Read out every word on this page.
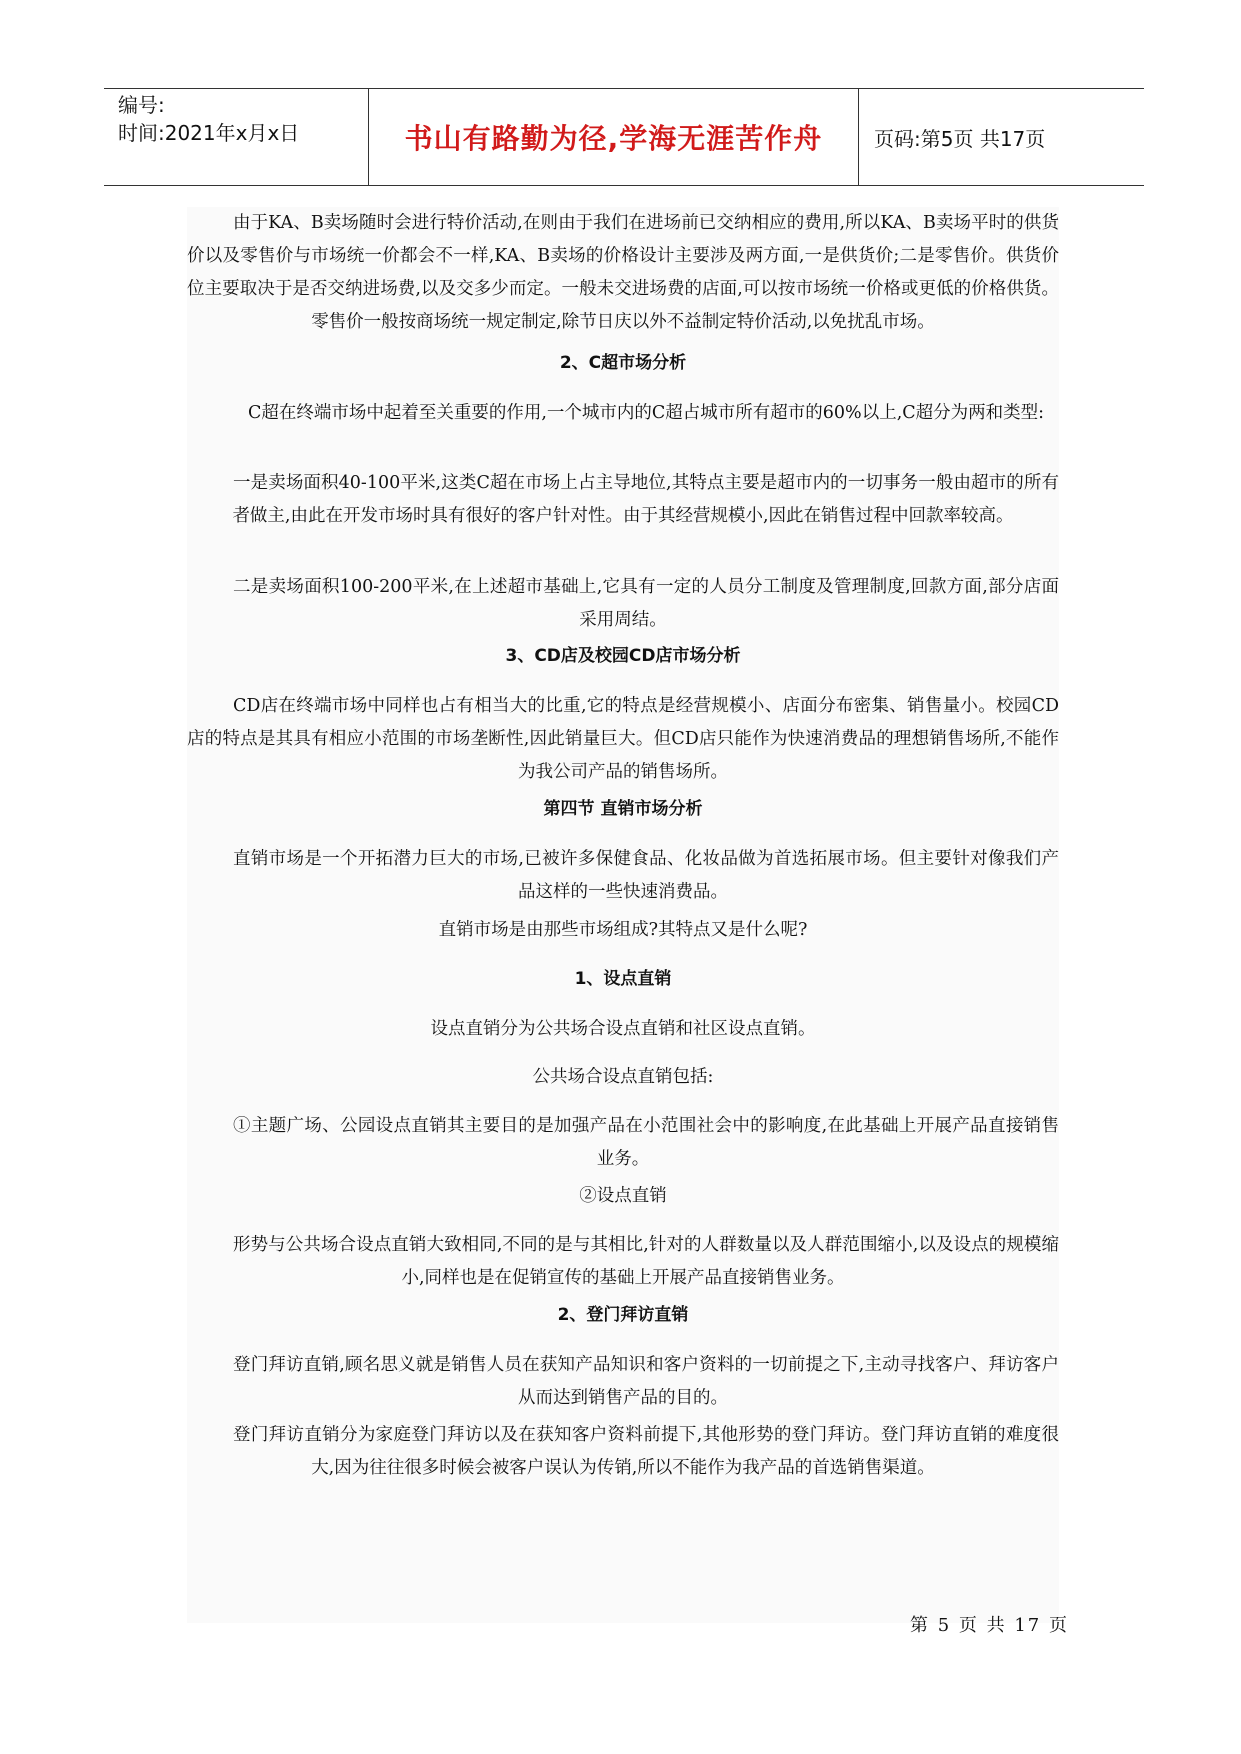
编号:
时间:2021年x月x日	书山有路勤为径,学海无涯苦作舟	页码:第5页 共17页

由于KA、B卖场随时会进行特价活动,在则由于我们在进场前已交纳相应的费用,所以KA、B卖场平时的供货价以及零售价与市场统一价都会不一样,KA、B卖场的价格设计主要涉及两方面,一是供货价;二是零售价。供货价位主要取决于是否交纳进场费,以及交多少而定。一般未交进场费的店面,可以按市场统一价格或更低的价格供货。零售价一般按商场统一规定制定,除节日庆以外不益制定特价活动,以免扰乱市场。

2、C超市场分析

C超在终端市场中起着至关重要的作用,一个城市内的C超占城市所有超市的60%以上,C超分为两和类型:

一是卖场面积40-100平米,这类C超在市场上占主导地位,其特点主要是超市内的一切事务一般由超市的所有者做主,由此在开发市场时具有很好的客户针对性。由于其经营规模小,因此在销售过程中回款率较高。

二是卖场面积100-200平米,在上述超市基础上,它具有一定的人员分工制度及管理制度,回款方面,部分店面采用周结。

3、CD店及校园CD店市场分析

CD店在终端市场中同样也占有相当大的比重,它的特点是经营规模小、店面分布密集、销售量小。校园CD店的特点是其具有相应小范围的市场垄断性,因此销量巨大。但CD店只能作为快速消费品的理想销售场所,不能作为我公司产品的销售场所。

第四节 直销市场分析

直销市场是一个开拓潜力巨大的市场,已被许多保健食品、化妆品做为首选拓展市场。但主要针对像我们产品这样的一些快速消费品。

直销市场是由那些市场组成?其特点又是什么呢?

1、设点直销

设点直销分为公共场合设点直销和社区设点直销。

公共场合设点直销包括:

①主题广场、公园设点直销其主要目的是加强产品在小范围社会中的影响度,在此基础上开展产品直接销售业务。

②设点直销

形势与公共场合设点直销大致相同,不同的是与其相比,针对的人群数量以及人群范围缩小,以及设点的规模缩小,同样也是在促销宣传的基础上开展产品直接销售业务。

2、登门拜访直销

登门拜访直销,顾名思义就是销售人员在获知产品知识和客户资料的一切前提之下,主动寻找客户、拜访客户从而达到销售产品的目的。

登门拜访直销分为家庭登门拜访以及在获知客户资料前提下,其他形势的登门拜访。登门拜访直销的难度很大,因为往往很多时候会被客户误认为传销,所以不能作为我产品的首选销售渠道。

第 5 页 共 17 页
